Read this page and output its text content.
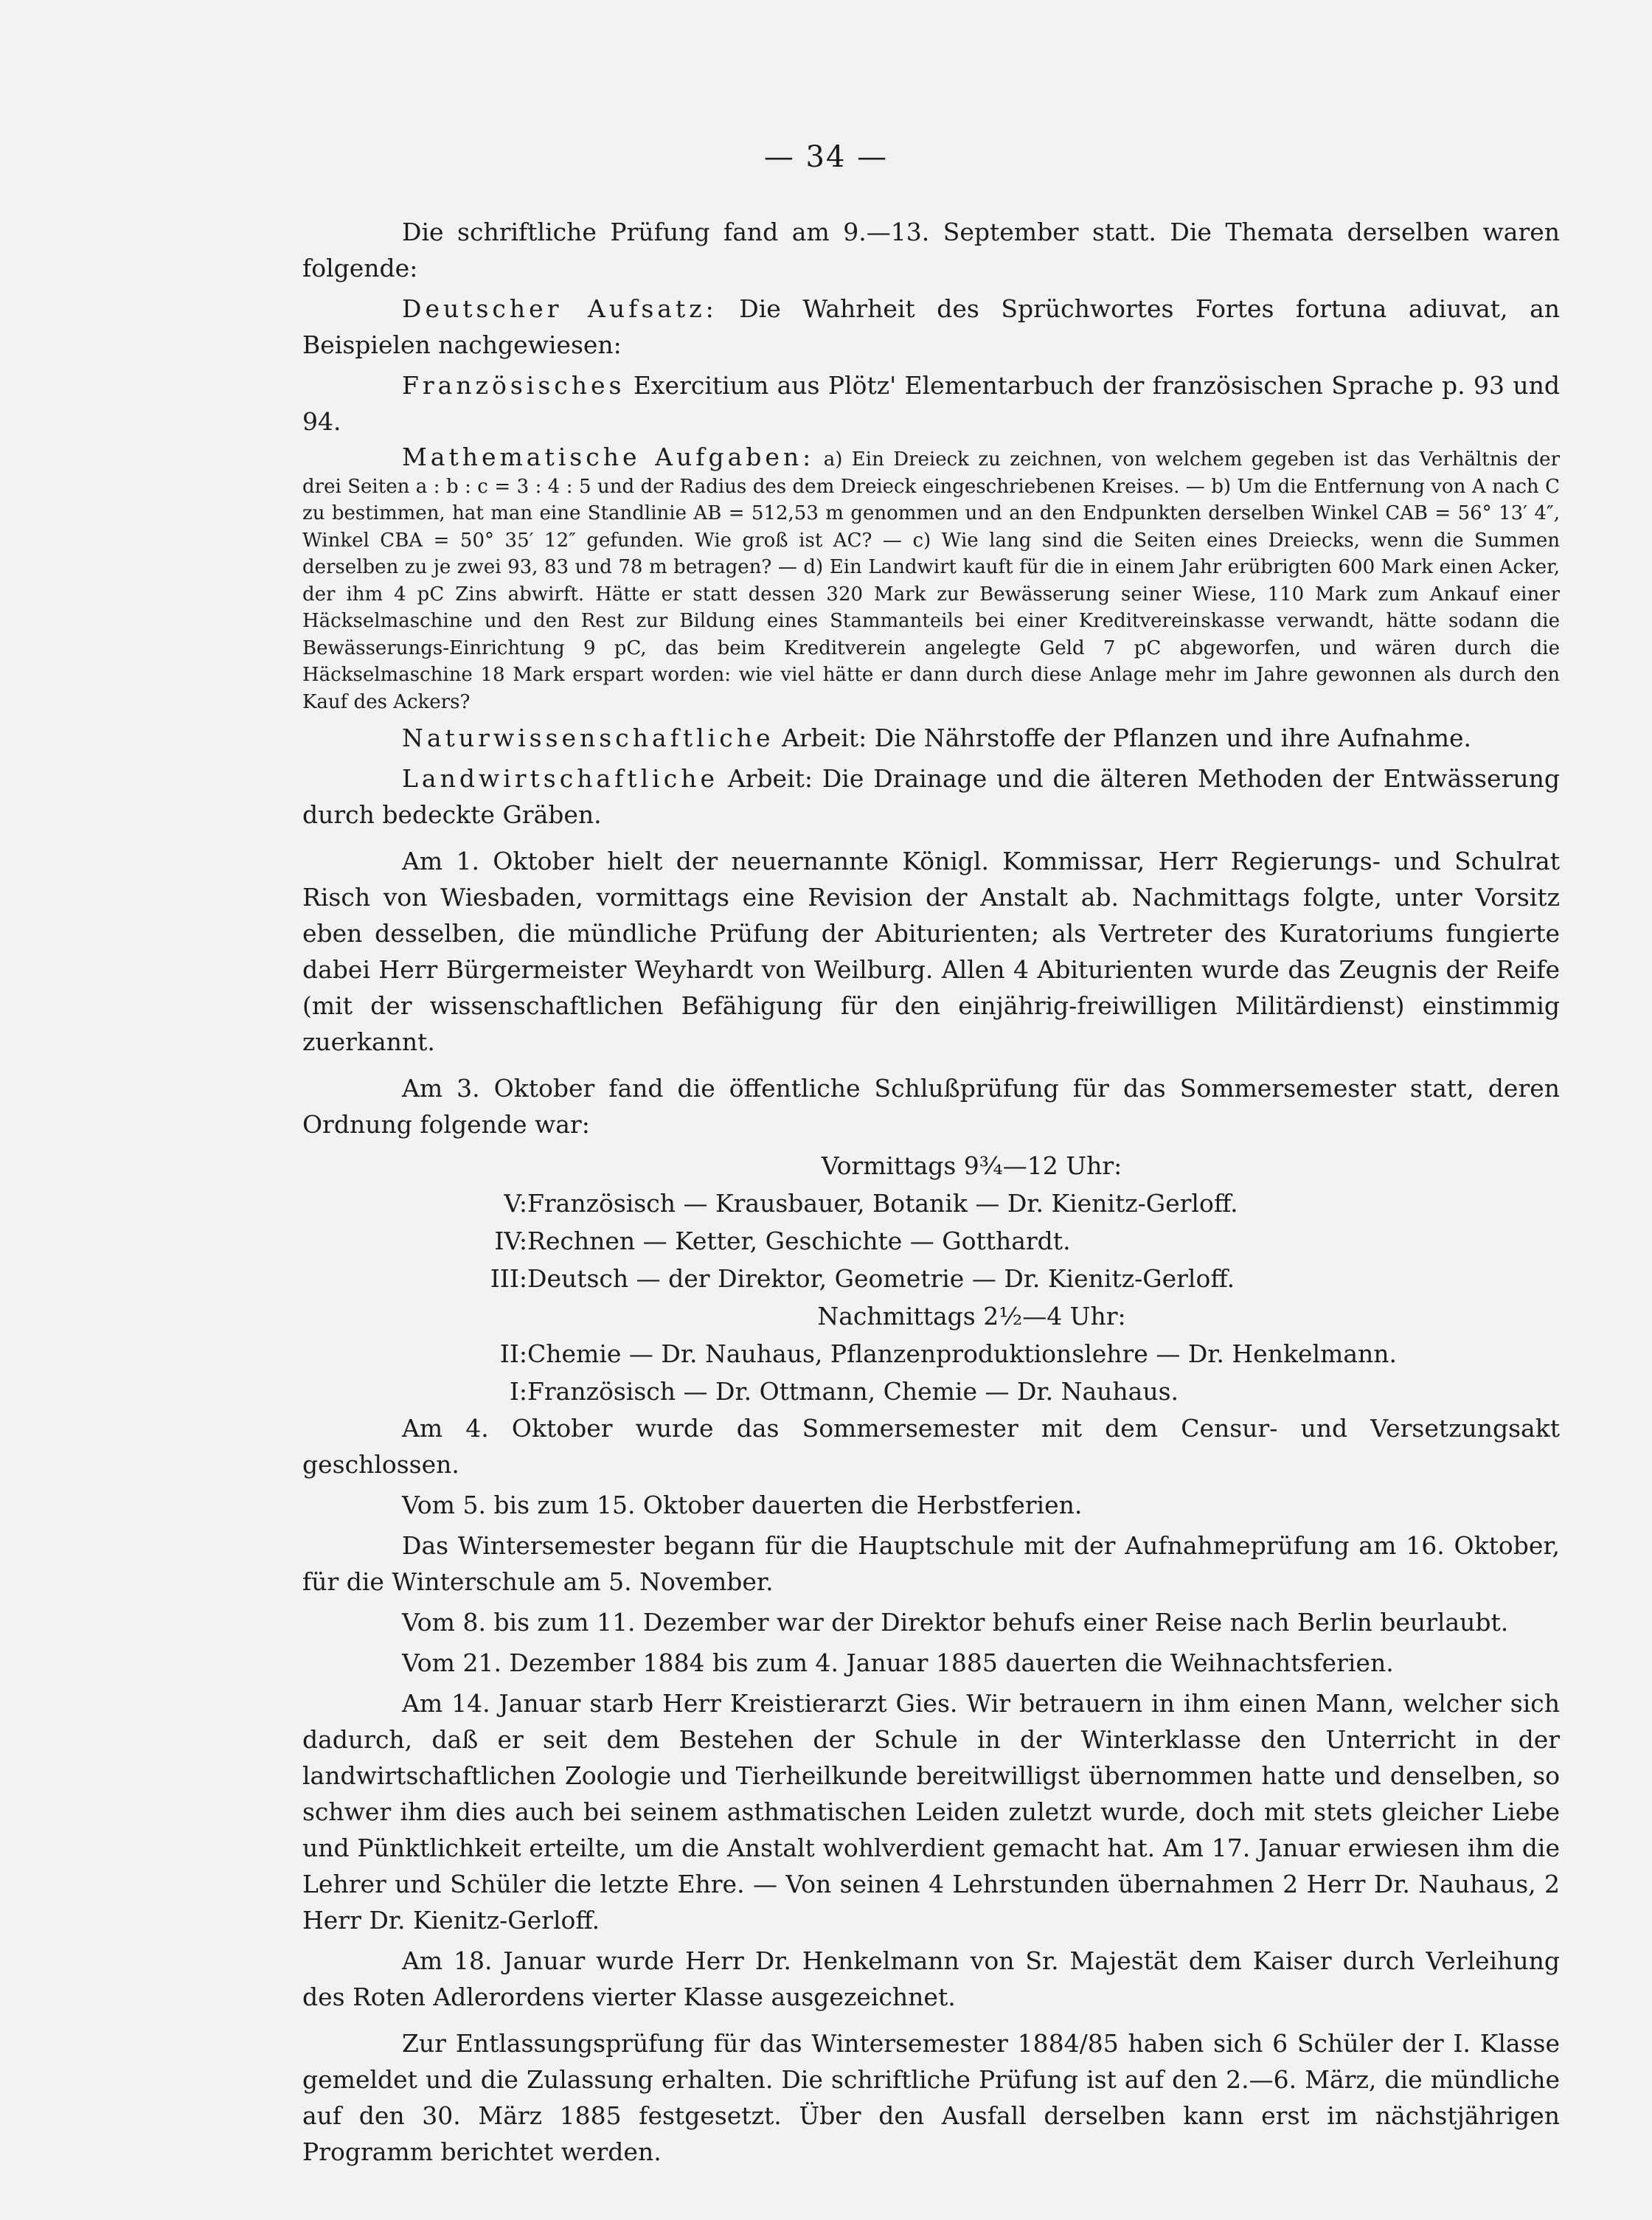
— 34 —

Die schriftliche Prüfung fand am 9.—13. September statt. Die Themata derselben waren folgende:

Deutscher Aufsatz: Die Wahrheit des Sprüchwortes Fortes fortuna adiuvat, an Beispielen nachgewiesen:

Französisches Exercitium aus Plötz' Elementarbuch der französischen Sprache p. 93 und 94.

Mathematische Aufgaben: a) Ein Dreieck zu zeichnen, von welchem gegeben ist das Verhältnis der drei Seiten a : b : c = 3 : 4 : 5 und der Radius des dem Dreieck eingeschriebenen Kreises. — b) Um die Entfernung von A nach C zu bestimmen, hat man eine Standlinie AB = 512,53 m genommen und an den Endpunkten derselben Winkel CAB = 56° 13′ 4″, Winkel CBA = 50° 35′ 12″ gefunden. Wie groß ist AC? — c) Wie lang sind die Seiten eines Dreiecks, wenn die Summen derselben zu je zwei 93, 83 und 78 m betragen? — d) Ein Landwirt kauft für die in einem Jahr erübrigten 600 Mark einen Acker, der ihm 4 pC Zins abwirft. Hätte er statt dessen 320 Mark zur Bewässerung seiner Wiese, 110 Mark zum Ankauf einer Häckselmaschine und den Rest zur Bildung eines Stammanteils bei einer Kreditvereinskasse verwandt, hätte sodann die Bewässerungs-Einrichtung 9 pC, das beim Kreditverein angelegte Geld 7 pC abgeworfen, und wären durch die Häckselmaschine 18 Mark erspart worden: wie viel hätte er dann durch diese Anlage mehr im Jahre gewonnen als durch den Kauf des Ackers?

Naturwissenschaftliche Arbeit: Die Nährstoffe der Pflanzen und ihre Aufnahme.

Landwirtschaftliche Arbeit: Die Drainage und die älteren Methoden der Entwässerung durch bedeckte Gräben.

Am 1. Oktober hielt der neuernannte Königl. Kommissar, Herr Regierungs- und Schulrat Risch von Wiesbaden, vormittags eine Revision der Anstalt ab. Nachmittags folgte, unter Vorsitz eben desselben, die mündliche Prüfung der Abiturienten; als Vertreter des Kuratoriums fungierte dabei Herr Bürgermeister Weyhardt von Weilburg. Allen 4 Abiturienten wurde das Zeugnis der Reife (mit der wissenschaftlichen Befähigung für den einjährig-freiwilligen Militärdienst) einstimmig zuerkannt.

Am 3. Oktober fand die öffentliche Schlußprüfung für das Sommersemester statt, deren Ordnung folgende war:

Vormittags 9¾—12 Uhr:
V: Französisch — Krausbauer, Botanik — Dr. Kienitz-Gerloff.
IV: Rechnen — Ketter, Geschichte — Gotthardt.
III: Deutsch — der Direktor, Geometrie — Dr. Kienitz-Gerloff.
Nachmittags 2½—4 Uhr:
II: Chemie — Dr. Nauhaus, Pflanzenproduktionslehre — Dr. Henkelmann.
I: Französisch — Dr. Ottmann, Chemie — Dr. Nauhaus.

Am 4. Oktober wurde das Sommersemester mit dem Censur- und Versetzungsakt geschlossen.

Vom 5. bis zum 15. Oktober dauerten die Herbstferien.

Das Wintersemester begann für die Hauptschule mit der Aufnahmeprüfung am 16. Oktober, für die Winterschule am 5. November.

Vom 8. bis zum 11. Dezember war der Direktor behufs einer Reise nach Berlin beurlaubt.

Vom 21. Dezember 1884 bis zum 4. Januar 1885 dauerten die Weihnachtsferien.

Am 14. Januar starb Herr Kreistierarzt Gies. Wir betrauern in ihm einen Mann, welcher sich dadurch, daß er seit dem Bestehen der Schule in der Winterklasse den Unterricht in der landwirtschaftlichen Zoologie und Tierheilkunde bereitwilligst übernommen hatte und denselben, so schwer ihm dies auch bei seinem asthmatischen Leiden zuletzt wurde, doch mit stets gleicher Liebe und Pünktlichkeit erteilte, um die Anstalt wohlverdient gemacht hat. Am 17. Januar erwiesen ihm die Lehrer und Schüler die letzte Ehre. — Von seinen 4 Lehrstunden übernahmen 2 Herr Dr. Nauhaus, 2 Herr Dr. Kienitz-Gerloff.

Am 18. Januar wurde Herr Dr. Henkelmann von Sr. Majestät dem Kaiser durch Verleihung des Roten Adlerordens vierter Klasse ausgezeichnet.

Zur Entlassungsprüfung für das Wintersemester 1884/85 haben sich 6 Schüler der I. Klasse gemeldet und die Zulassung erhalten. Die schriftliche Prüfung ist auf den 2.—6. März, die mündliche auf den 30. März 1885 festgesetzt. Über den Ausfall derselben kann erst im nächstjährigen Programm berichtet werden.
